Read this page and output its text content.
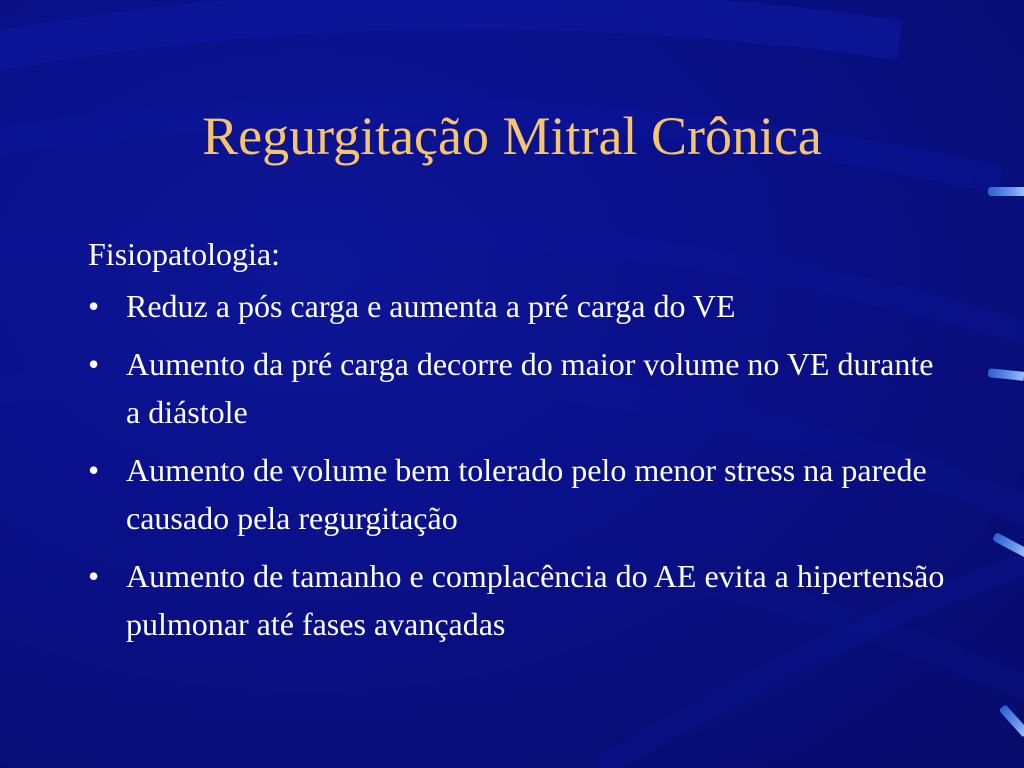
Regurgitação Mitral Crônica

Fisiopatologia:

• Reduz a pós carga e aumenta a pré carga do VE
• Aumento da pré carga decorre do maior volume no VE durante a diástole
• Aumento de volume bem tolerado pelo menor stress na parede causado pela regurgitação
• Aumento de tamanho e complacência do AE evita a hipertensão pulmonar até fases avançadas
